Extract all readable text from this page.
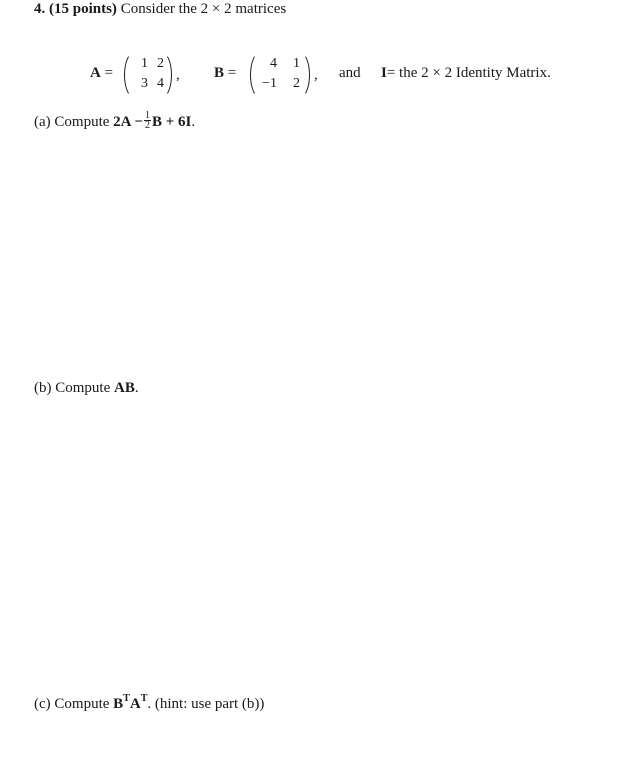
4. (15 points) Consider the 2 × 2 matrices
A =
1 2
3 4
, B =
4	1
−1	2
, and I= the 2 × 2 Identity Matrix.
(a) Compute $2A -\frac{1}{2}B + 6I$.
(b) Compute AB.
(c) Compute $B^TA^T$. (hint: use part (b))
